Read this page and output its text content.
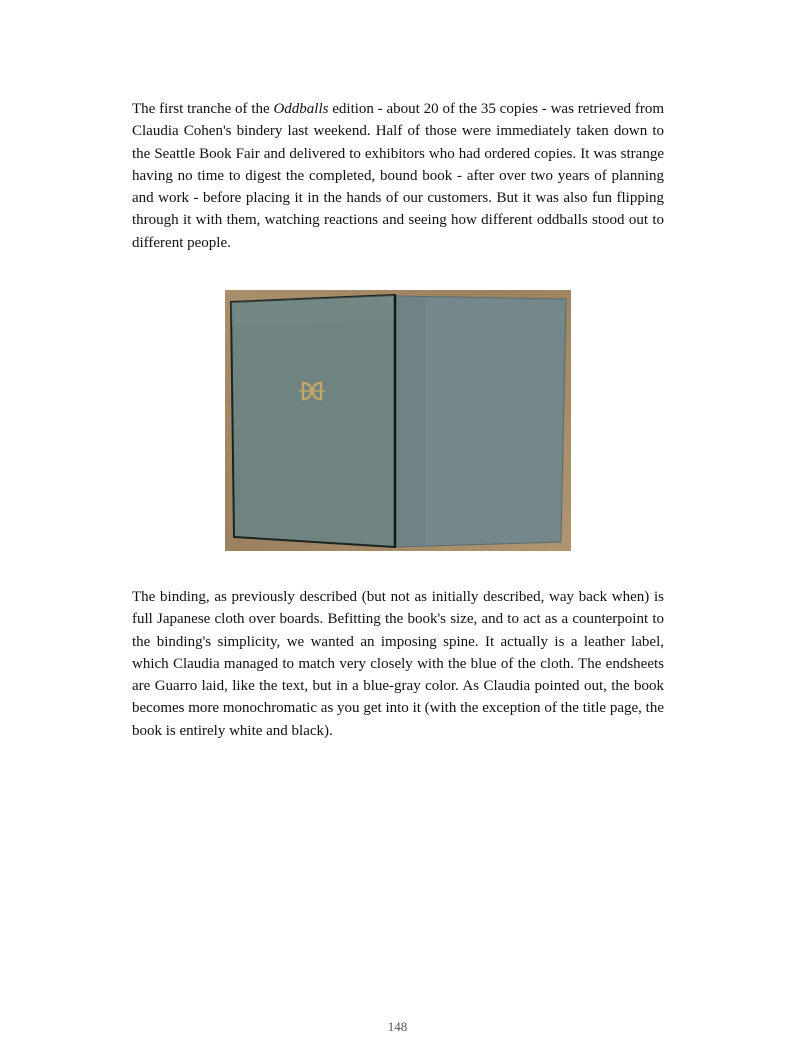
The first tranche of the Oddballs edition - about 20 of the 35 copies - was retrieved from Claudia Cohen's bindery last weekend. Half of those were immediately taken down to the Seattle Book Fair and delivered to exhibitors who had ordered copies. It was strange having no time to digest the completed, bound book - after over two years of planning and work - before placing it in the hands of our customers. But it was also fun flipping through it with them, watching reactions and seeing how different oddballs stood out to different people.

The binding, as previously described (but not as initially described, way back when) is full Japanese cloth over boards. Befitting the book's size, and to act as a counterpoint to the binding's simplicity, we wanted an imposing spine. It actually is a leather label, which Claudia managed to match very closely with the blue of the cloth. The endsheets are Guarro laid, like the text, but in a blue-gray color. As Claudia pointed out, the book becomes more monochromatic as you get into it (with the exception of the title page, the book is entirely white and black).

148
